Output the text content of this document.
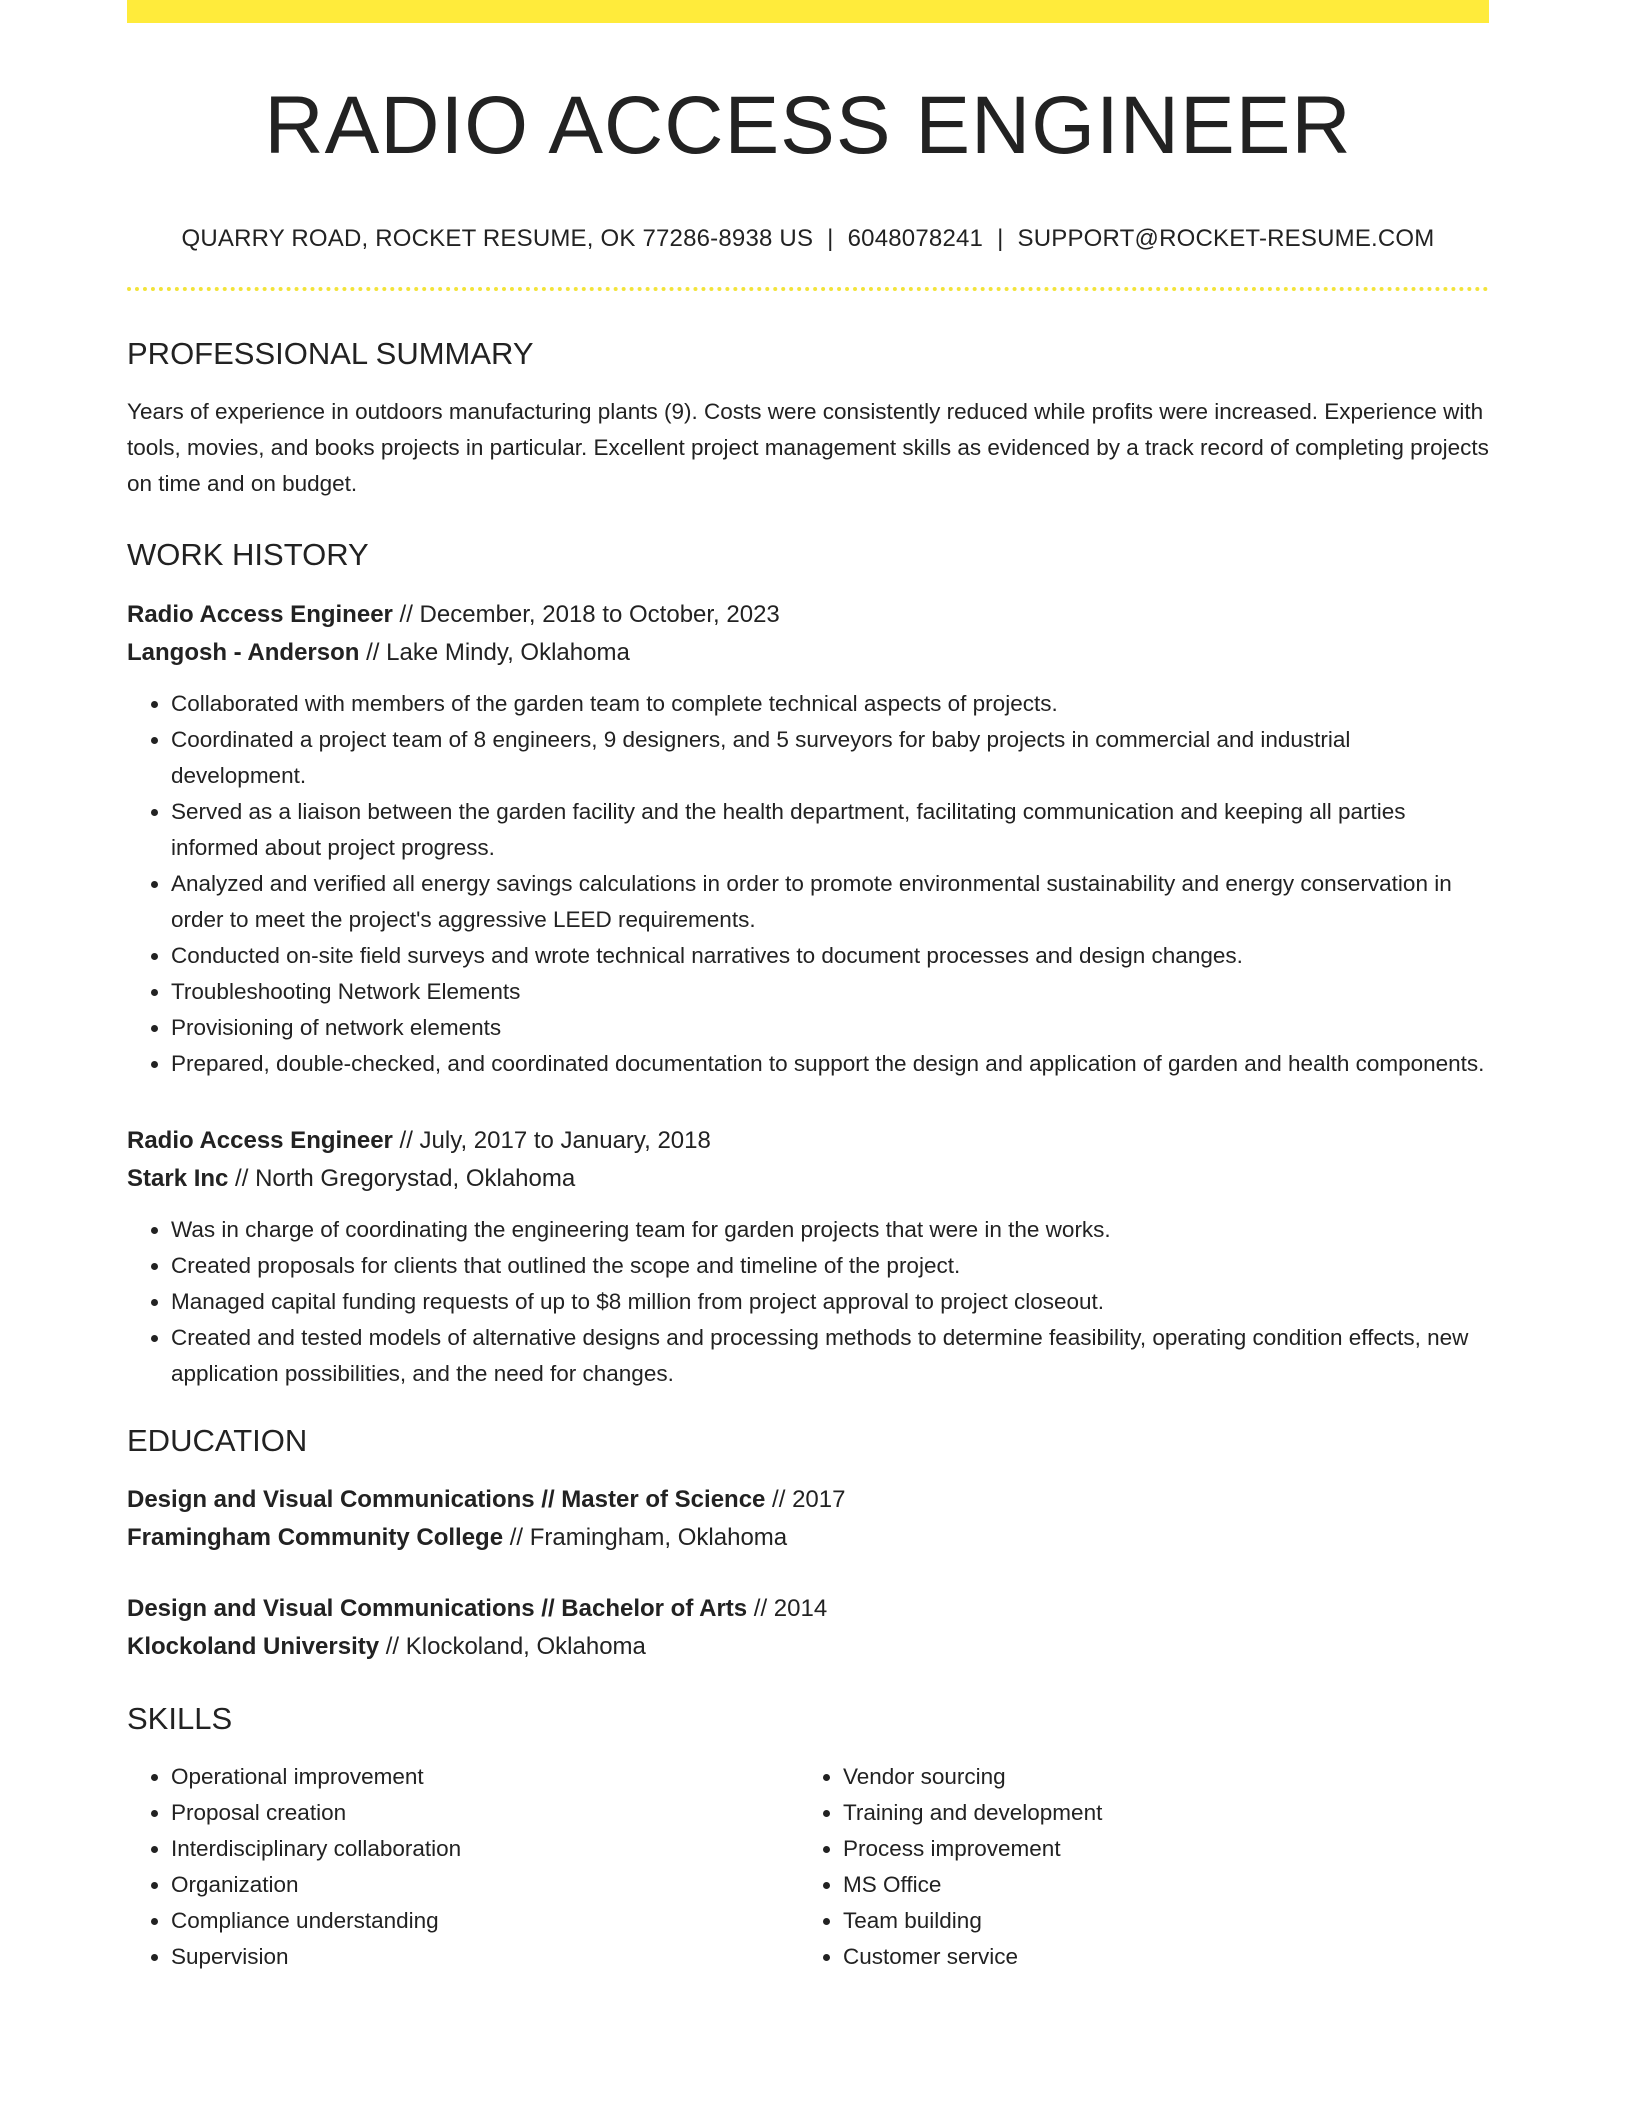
RADIO ACCESS ENGINEER
QUARRY ROAD, ROCKET RESUME, OK 77286-8938 US | 6048078241 | SUPPORT@ROCKET-RESUME.COM
PROFESSIONAL SUMMARY
Years of experience in outdoors manufacturing plants (9). Costs were consistently reduced while profits were increased. Experience with tools, movies, and books projects in particular. Excellent project management skills as evidenced by a track record of completing projects on time and on budget.
WORK HISTORY
Radio Access Engineer // December, 2018 to October, 2023
Langosh - Anderson // Lake Mindy, Oklahoma
• Collaborated with members of the garden team to complete technical aspects of projects.
• Coordinated a project team of 8 engineers, 9 designers, and 5 surveyors for baby projects in commercial and industrial development.
• Served as a liaison between the garden facility and the health department, facilitating communication and keeping all parties informed about project progress.
• Analyzed and verified all energy savings calculations in order to promote environmental sustainability and energy conservation in order to meet the project's aggressive LEED requirements.
• Conducted on-site field surveys and wrote technical narratives to document processes and design changes.
• Troubleshooting Network Elements
• Provisioning of network elements
• Prepared, double-checked, and coordinated documentation to support the design and application of garden and health components.
Radio Access Engineer // July, 2017 to January, 2018
Stark Inc // North Gregorystad, Oklahoma
• Was in charge of coordinating the engineering team for garden projects that were in the works.
• Created proposals for clients that outlined the scope and timeline of the project.
• Managed capital funding requests of up to $8 million from project approval to project closeout.
• Created and tested models of alternative designs and processing methods to determine feasibility, operating condition effects, new application possibilities, and the need for changes.
EDUCATION
Design and Visual Communications // Master of Science // 2017
Framingham Community College // Framingham, Oklahoma
Design and Visual Communications // Bachelor of Arts // 2014
Klockoland University // Klockoland, Oklahoma
SKILLS
• Operational improvement
• Proposal creation
• Interdisciplinary collaboration
• Organization
• Compliance understanding
• Supervision
• Vendor sourcing
• Training and development
• Process improvement
• MS Office
• Team building
• Customer service
